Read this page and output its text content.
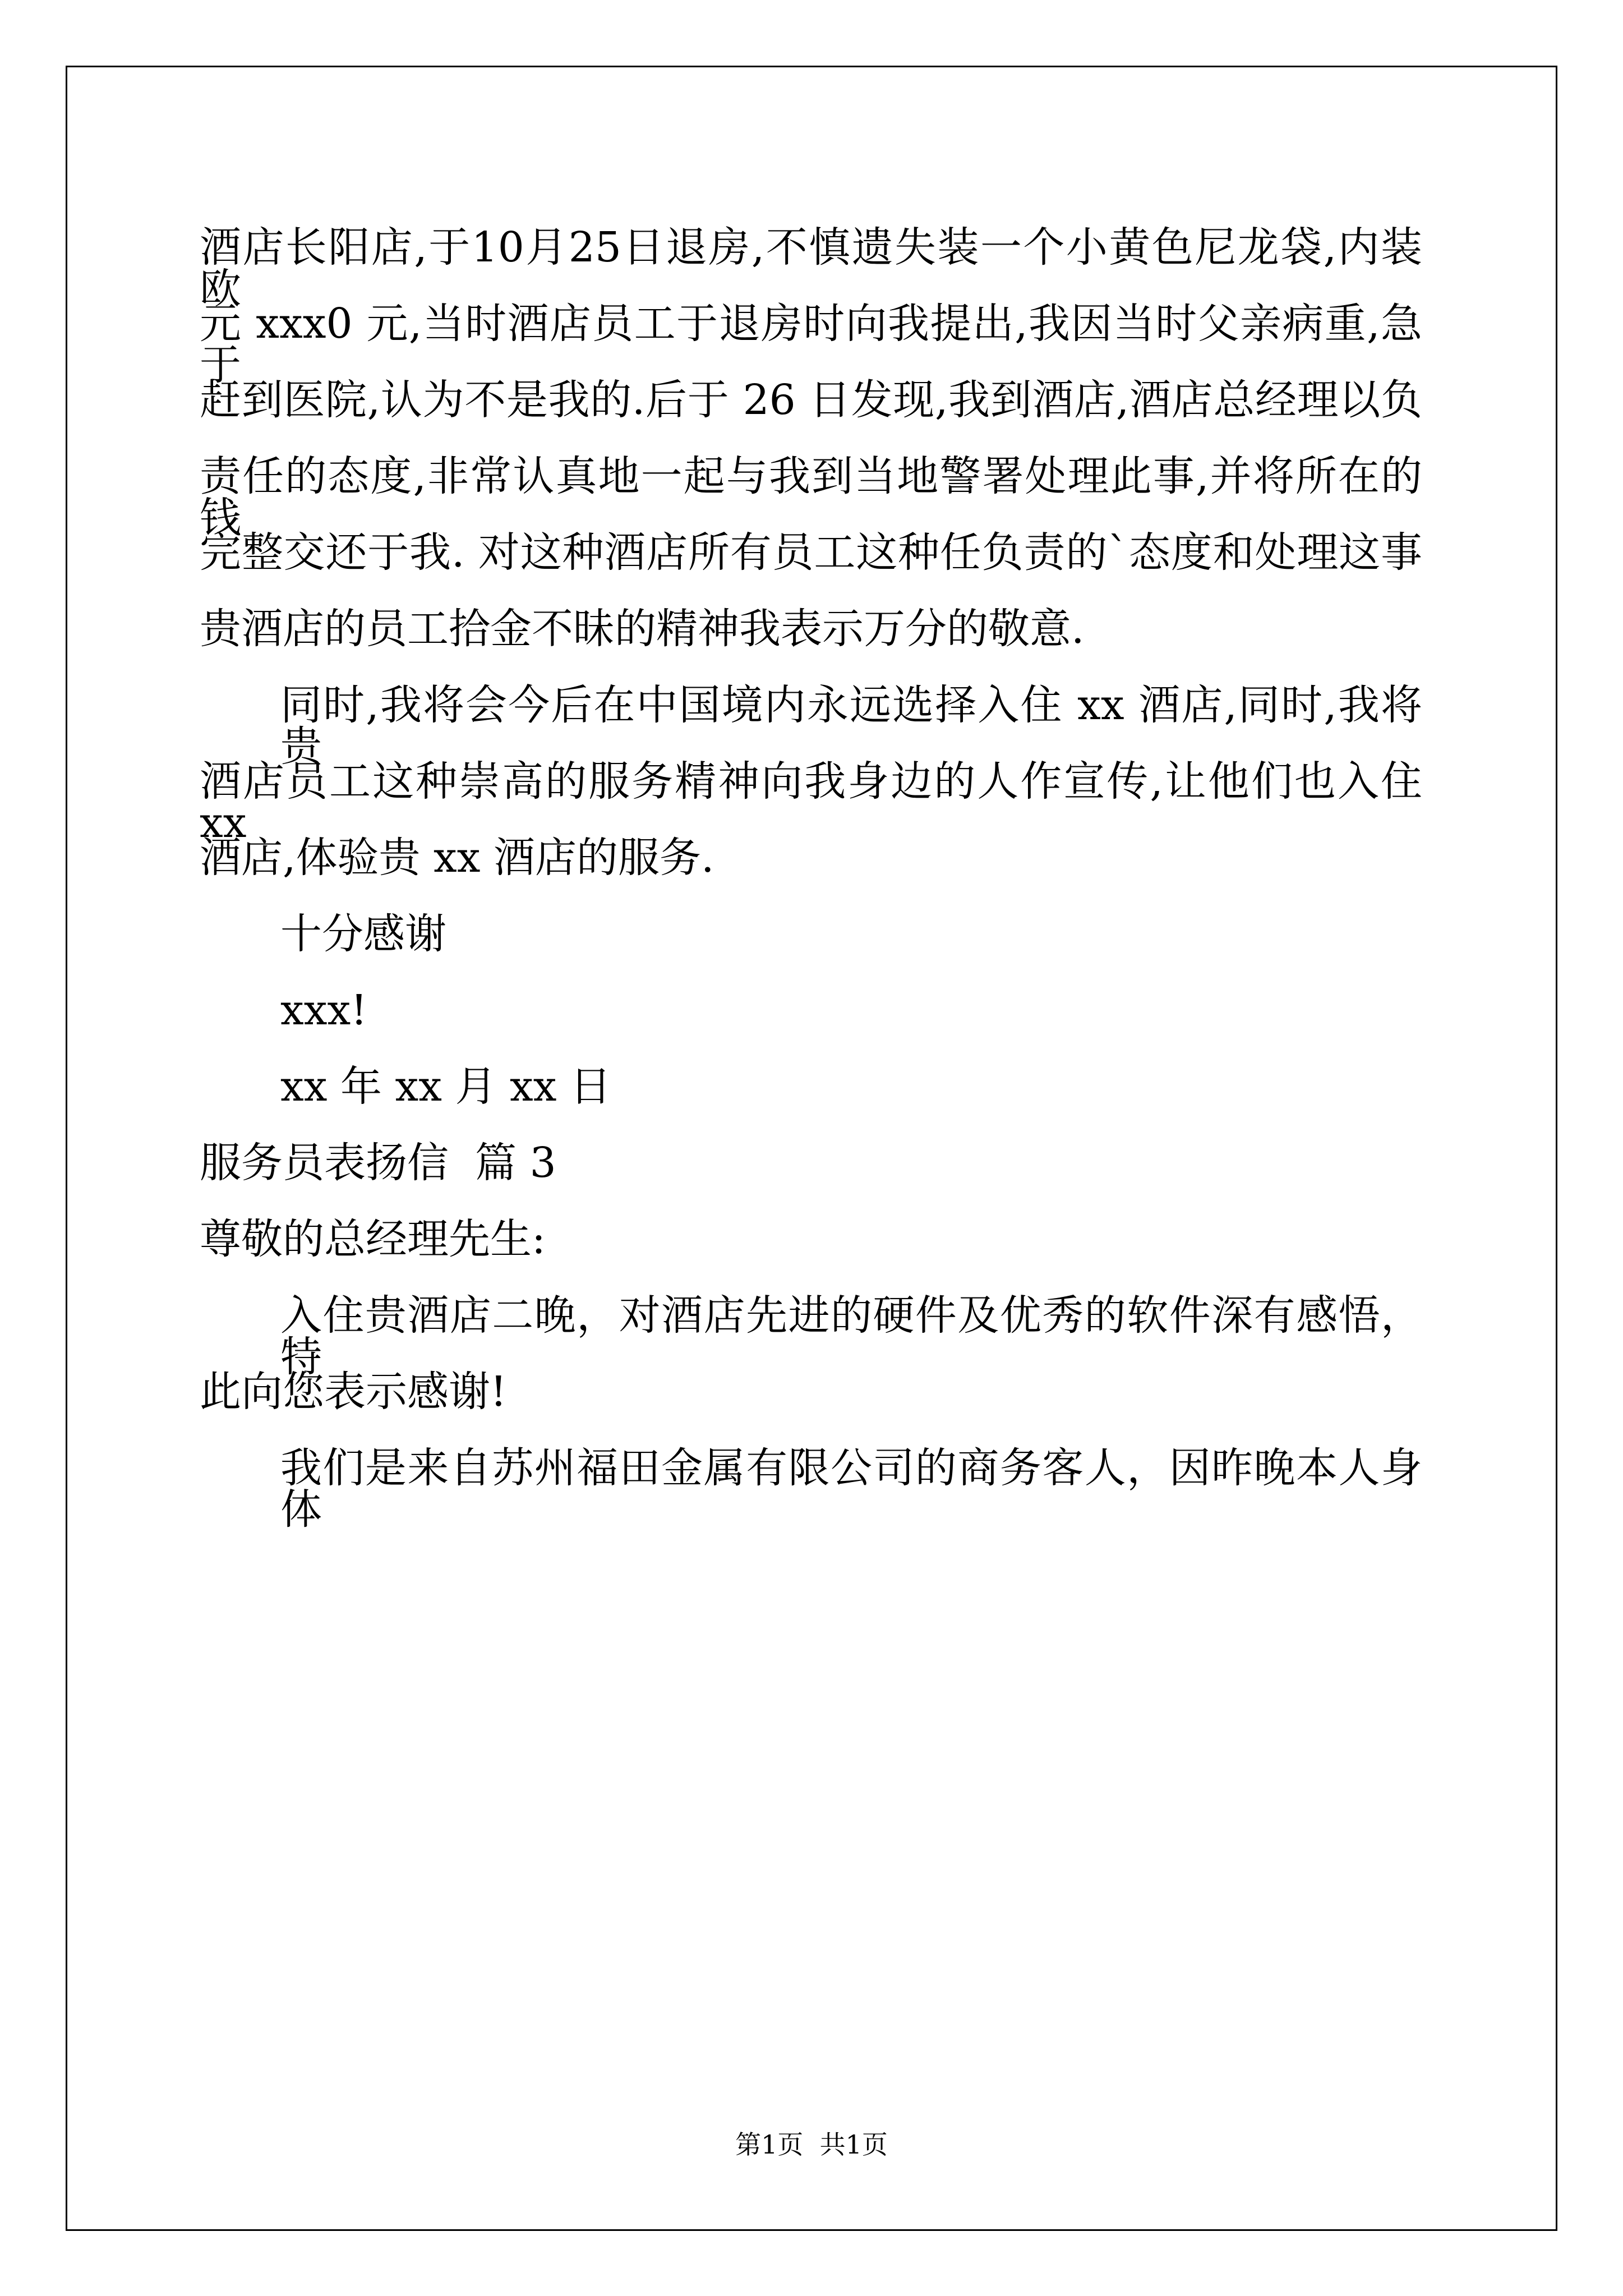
酒店长阳店,于10月25日退房,不慎遗失装一个小黄色尼龙袋,内装欧
元 xxx0 元,当时酒店员工于退房时向我提出,我因当时父亲病重,急于
赶到医院,认为不是我的.后于 26 日发现,我到酒店,酒店总经理以负
责任的态度,非常认真地一起与我到当地警署处理此事,并将所在的钱
完整交还于我. 对这种酒店所有员工这种任负责的`态度和处理这事
贵酒店的员工拾金不昧的精神我表示万分的敬意.
同时,我将会今后在中国境内永远选择入住 xx 酒店,同时,我将贵
酒店员工这种崇高的服务精神向我身边的人作宣传,让他们也入住 xx
酒店,体验贵 xx 酒店的服务.
十分感谢
xxx!
xx 年 xx 月 xx 日
服务员表扬信  篇 3
尊敬的总经理先生:
入住贵酒店二晚，对酒店先进的硬件及优秀的软件深有感悟，特
此向您表示感谢!
我们是来自苏州福田金属有限公司的商务客人，因昨晚本人身体
第1页  共1页
